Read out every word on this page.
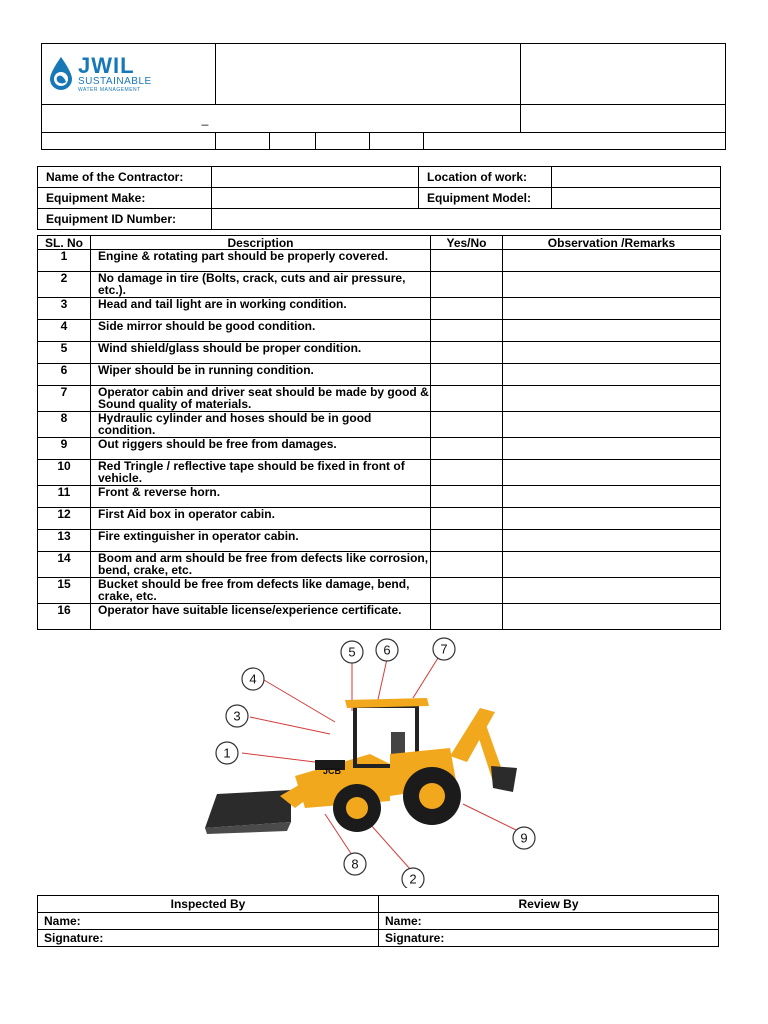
JWIL
SUSTAINABLE
WATER MANAGEMENT		

_		

Name of the Contractor:		Location of work:	
Equipment Make:		Equipment Model:	
Equipment ID Number:			
SL. No	Description	Yes/No	Observation /Remarks
1	Engine & rotating part should be properly covered.		
2	No damage in tire (Bolts, crack, cuts and air pressure, etc.).		
3	Head and tail light are in working condition.		
4	Side mirror should be good condition.		
5	Wind shield/glass should be proper condition.		
6	Wiper should be in running condition.		
7	Operator cabin and driver seat should be made by good & Sound quality of materials.		
8	Hydraulic cylinder and hoses should be in good condition.		
9	Out riggers should be free from damages.		
10	Red Tringle / reflective tape should be fixed in front of vehicle.		
11	Front & reverse horn.		
12	First Aid box in operator cabin.		
13	Fire extinguisher in operator cabin.		
14	Boom and arm should be free from defects like corrosion, bend, crake, etc.		
15	Bucket should be free from defects like damage, bend, crake, etc.		
16	Operator have suitable license/experience certificate.		
JCB
1
2
3
4
5 6	7
8
9
Inspected By	Review By
Name:	Name:
Signature:	Signature:
